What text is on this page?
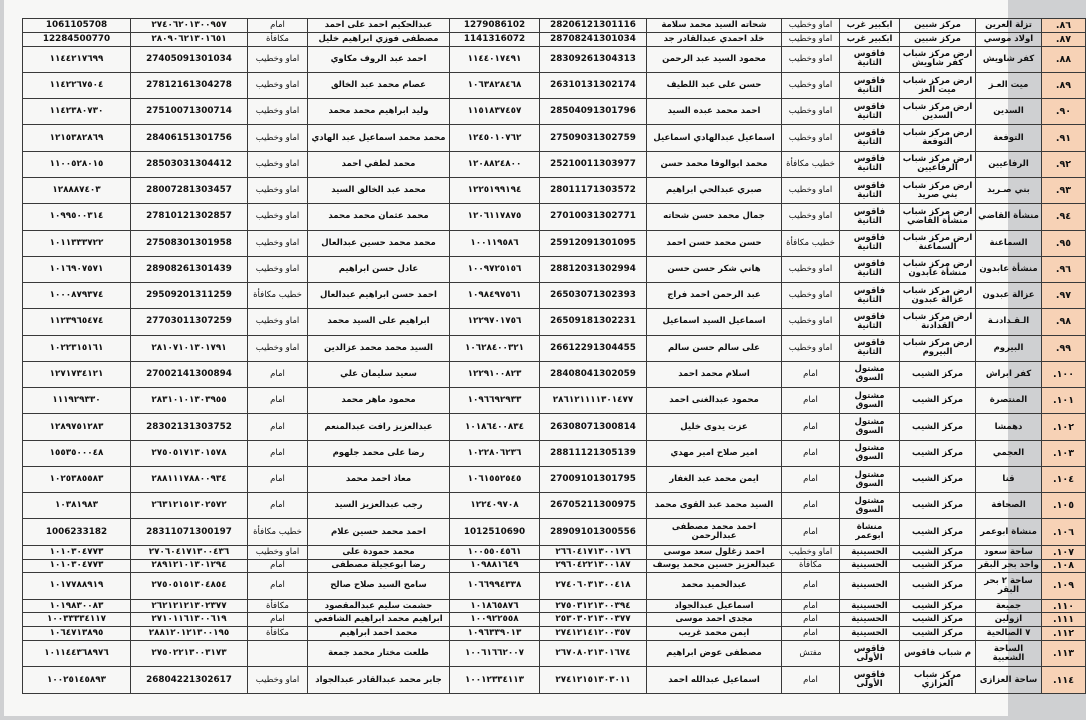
٨٦.	تزلة العرين	مركز شبين	ابكبير غرب	اماو وخطيب	شحاته السيد محمد سلامة	28206121301116	1279086102	عبدالحكيم احمد على احمد	امام	٢٧٤٠٦٢٠١٣٠٠٩٥٧	1061105708
٨٧.	اولاد موسي	مركز شبين	ابكبير غرب	اماو وخطيب	خلد احمدي عبدالقادر جد	28708241301034	1141316072	مصطفى فوزي ابراهيم خليل	مكافأة	٢٨٠٩٠٦٢١٣٠١٦٥١	12284500770
٨٨.	كفر شاويش	ارض مركز شباب كفر شاويش	فاقوس الثانية	اماو وخطيب	محمود السيد عبد الرحمن	28309261304313	١١٤٤٠١٧٤٩١	احمد عبد الروف مكاوي	اماو وخطيب	27405091301034	١١٤٤٢١٧٦٩٩
٨٩.	ميت العـز	ارض مركز شباب ميت العز	فاقوس الثانية	اماو وخطيب	حسن على عبد اللطيف	26310131302174	١٠٦٣٨٢٨٤٦٨	عصام محمد عبد الخالق	اماو وخطيب	27812161304278	١١٤٢٢٦٧٥٠٤
٩٠.	السدين	ارض مركز شباب السدين	فاقوس الثانية	اماو وخطيب	احمد محمد عبده السيد	28504091301796	١١٥١٨٣٧٤٥٧	وليد ابراهيم محمد محمد	اماو وخطيب	27510071300714	١١٤٢٣٨٠٧٣٠
٩١.	التوفعة	ارض مركز شباب التوفعة	فاقوس الثانية	اماو وخطيب	اسماعيل عبدالهادي اسماعيل	27509031302759	١٢٤٥٠١٠٧٦٢	محمد محمد اسماعيل عبد الهادي	اماو وخطيب	28406151301756	١٢١٥٣٨٢٨٦٩
٩٢.	الرفاعيين	ارض مركز شباب الرفاعيين	فاقوس الثانية	خطيب مكافأة	محمد ابوالوفا محمد حسن	25210011303977	١٢٠٨٨٢٤٨٠٠	محمد لطفي احمد	اماو وخطيب	28503031304412	١١٠٠٥٢٨٠١٥
٩٣.	بني صـريد	ارض مركز شباب بني صريد	فاقوس الثانية	اماو وخطيب	صبري عبدالحي ابراهيم	28011171303572	١٢٢٥١٩٩١٩٤	محمد عبد الخالق السيد	اماو وخطيب	28007281303457	١٢٨٨٨٧٤٠٣
٩٤.	منشأة القاضي	ارض مركز شباب منشأة القاضي	فاقوس الثانية	اماو وخطيب	جمال محمد حسن شحاته	27010031302771	١٢٠٦١١٧٨٧٥	محمد عثمان محمد محمد	اماو وخطيب	27810121302857	١٠٩٩٥٠٠٣١٤
٩٥.	السماعنة	ارض مركز شباب السماعنة	فاقوس الثانية	خطيب مكافأة	حسن محمد حسن احمد	25912091301095	١٠٠١١٩٥٨٦	محمد محمد حسين عبدالعال	اماو وخطيب	27508301301958	١٠١١٣٣٣٧٢٢
٩٦.	منشأة عابدون	ارض مركز شباب منشأة عابدون	فاقوس الثانية	اماو وخطيب	هاني شكر حسن حسن	28812031302994	١٠٠٩٧٢٥١٥٦	عادل حسن ابراهيم	اماو وخطيب	28908261301439	١٠١٦٩٠٧٥٧١
٩٧.	عزالة عبدون	ارض مركز شباب عزالة عبدون	فاقوس الثانية	اماو وخطيب	عبد الرحمن احمد فراج	26503071302393	١٠٩٨٤٩٧٥٦١	احمد حسن ابراهيم عبدالعال	خطيب مكافأة	29509201311259	١٠٠٠٨٧٩٣٧٤
٩٨.	الـقـدادنـة	ارض مركز شباب القدادنة	فاقوس الثانية	اماو وخطيب	اسماعيل السيد اسماعيل	26509181302231	١٢٢٩٧٠١٧٥٦	ابراهيم على السيد محمد	اماو وخطيب	27703011307259	١١٢٣٩٦٥٤٧٤
٩٩.	البيروم	ارض مركز شباب البيروم	فاقوس الثانية	اماو وخطيب	على سالم حسن سالم	26612291304455	١٠٦٢٨٤٠٠٣٢١	السيد محمد محمد عزالدين	اماو وخطيب	٢٨١٠٧١٠١٣٠١٧٩١	١٠٢٢٣١٥١٦١
١٠٠.	كفر ابراش	مركز الشيب	مشتول السوق	امام	اسلام محمد احمد	28408041302059	١٢٢٩١٠٠٨٢٣	سعيد سليمان علي	امام	27002141300894	١٢٧١٧٣٤١٢١
١٠١.	المنتصرة	مركز الشيب	مشتول السوق	امام	محمود عبدالغنى احمد	٢٨٦١٢١١١١٣٠١٤٧٧	١٠٩٦٦٩٢٩٣٣	محمود ماهر محمد	امام	٢٨٣١٠١٠١٣٠٣٩٥٥	١١١٩٢٩٣٣٠
١٠٢.	دهمشا	مركز الشيب	مشتول السوق	امام	عزت يدوى خليل	26308071300814	١٠١٨٦٤٠٠٨٣٤	عبدالعزيز رافت عبدالمنعم	امام	28302131303752	١٢٨٩٧٥١٢٨٣
١٠٣.	العجمي	مركز الشيب	مشتول السوق	امام	امير صلاح امير مهدي	28811121305139	١٠٢٢٨٠٦٢٣٦	رضا على محمد جلهوم	امام	٢٧٥٠٥١٧١٣٠١٥٧٨	١٥٥٣٥٠٠٠٤٨
١٠٤.	قنا	مركز الشيب	مشتول السوق	امام	ايمن محمد عبد الغفار	27009101301795	١٠٦١٥٥٢٥٤٥	معاذ احمد محمد	امام	٢٨٨١١١٧٨٨٠٠٩٣٤	١٠٢٥٣٨٥٥٨٣
١٠٥.	الصحافة	مركز الشيب	مشتول السوق	امام	السيد محمد عبد القوى محمد	26705211300975	١٢٢٤٠٩٧٠٨	رجب عبدالعزيز السيد	امام	٢٦٣١٢١٥١٣٠٢٥٧٢	١٠٣٨١٩٨٣
١٠٦.	منشاة ابوعمر	مركز الشيب	منشاة ابوعمر	امام	احمد محمد مصطفى عبدالرحمن	28909101300556	1012510690	احمد محمد حسين علام	خطيب مكافأة	28311071300197	1006233182
١٠٧.	ساحة سعود	مركز الشيب	الحسينية	اماو وخطيب	احمد زغلول سعد موسى	٢٦٦٠٤١٧١٣٠٠١٧٦	١٠٠٥٥٠٤٥٦١	محمد حمودة على	اماو وخطيب	٢٧٠٦٠٤١٧١٣٠٠٤٣٦	١٠١٠٣٠٤٧٧٣
١٠٨.	واحد بحر البقر	مركز الشيب	الحسينية	مكافأة	عبدالعزيز حسين محمد يوسف	٢٩٦٠٤٢٢١٣٠٠١٨٧	١٠٩٨٨١٦٤٩	رضا ابوعجيلة مصطفى	امام	٢٨٩١٢١٠١٣٠١٢٩٤	١٠١٠٣٠٤٧٧٣
١٠٩.	ساحة ٢ بحر البقر	مركز الشيب	الحسينية	امام	عبدالحميد محمد	٢٧٤٠٦٠٣١٣٠٠٤١٨	١٠٦٦٩٩٤٣٣٨	سامح السيد صلاح صالح	امام	٢٧٥٠٥١٥١٣٠٤٨٥٤	١٠١٧٧٨٨٩١٩
١١٠.	جميعة	مركز الشيب	الحسينية	امام	اسماعيل عبدالجواد	٢٧٥٠٣١٢١٣٠٠٣٩٤	١٠١٨٦٥٨٧٦	حشمت سليم عبدالمقصود	مكافأة	٢٦٢١٢١٢١٣٠٢٣٧٧	١٠١٩٨٣٠٠٨٣
١١١.	ازولين	مركز الشيب	الحسينية	امام	مجدى احمد موسى	٢٥٣٠٣٠٢١٣٠٠٣٧٧	١٠٠٩٢٢٥٥٨	ابراهيم محمد ابراهيم الشافعي	امام	٢٧١٠١١٦١٣٠٠٦١٩	١٠٠٣٣٣٣٤١١٧
١١٢.	٧ الصالحية	مركز الشيب	الحسينية	امام	ايمن محمد غريب	٢٧٤١٢١٤١٢٠٠٣٥٧	١٠٩٦٣٣٩٠١٣	محمد احمد ابراهيم	مكافأة	٢٨٨١٢٠١٢١٣٠٠١٩٥	١٠٦٤٧١٣٨٩٥
١١٣.	الساحة الشعبية	م شباب فاقوس	فاقوس الأولى	مفتش	مصطفى عوض ابراهيم	٢٦٧٠٨٠٢١٣٠١٦٧٤	١٠٠٦١٦٦٢٠٠٧	طلعت مختار محمد جمعة		٢٧٥٠٢٢١٣٠٠٣١٧٣	١٠١١٤٤٣٦٨٩٧٦
١١٤.	ساحة العزازى	مركز شباب العزازي	فاقوس الأولى	امام	اسماعيل عبدالله احمد	٢٧٤١٢١٥١٣٠٣٠١١	١٠٠١٢٣٣٤١١٣	جابر محمد عبدالقادر عبدالجواد	اماو وخطيب	26804221302617	١٠٠٢٥١٤٥٨٩٣
